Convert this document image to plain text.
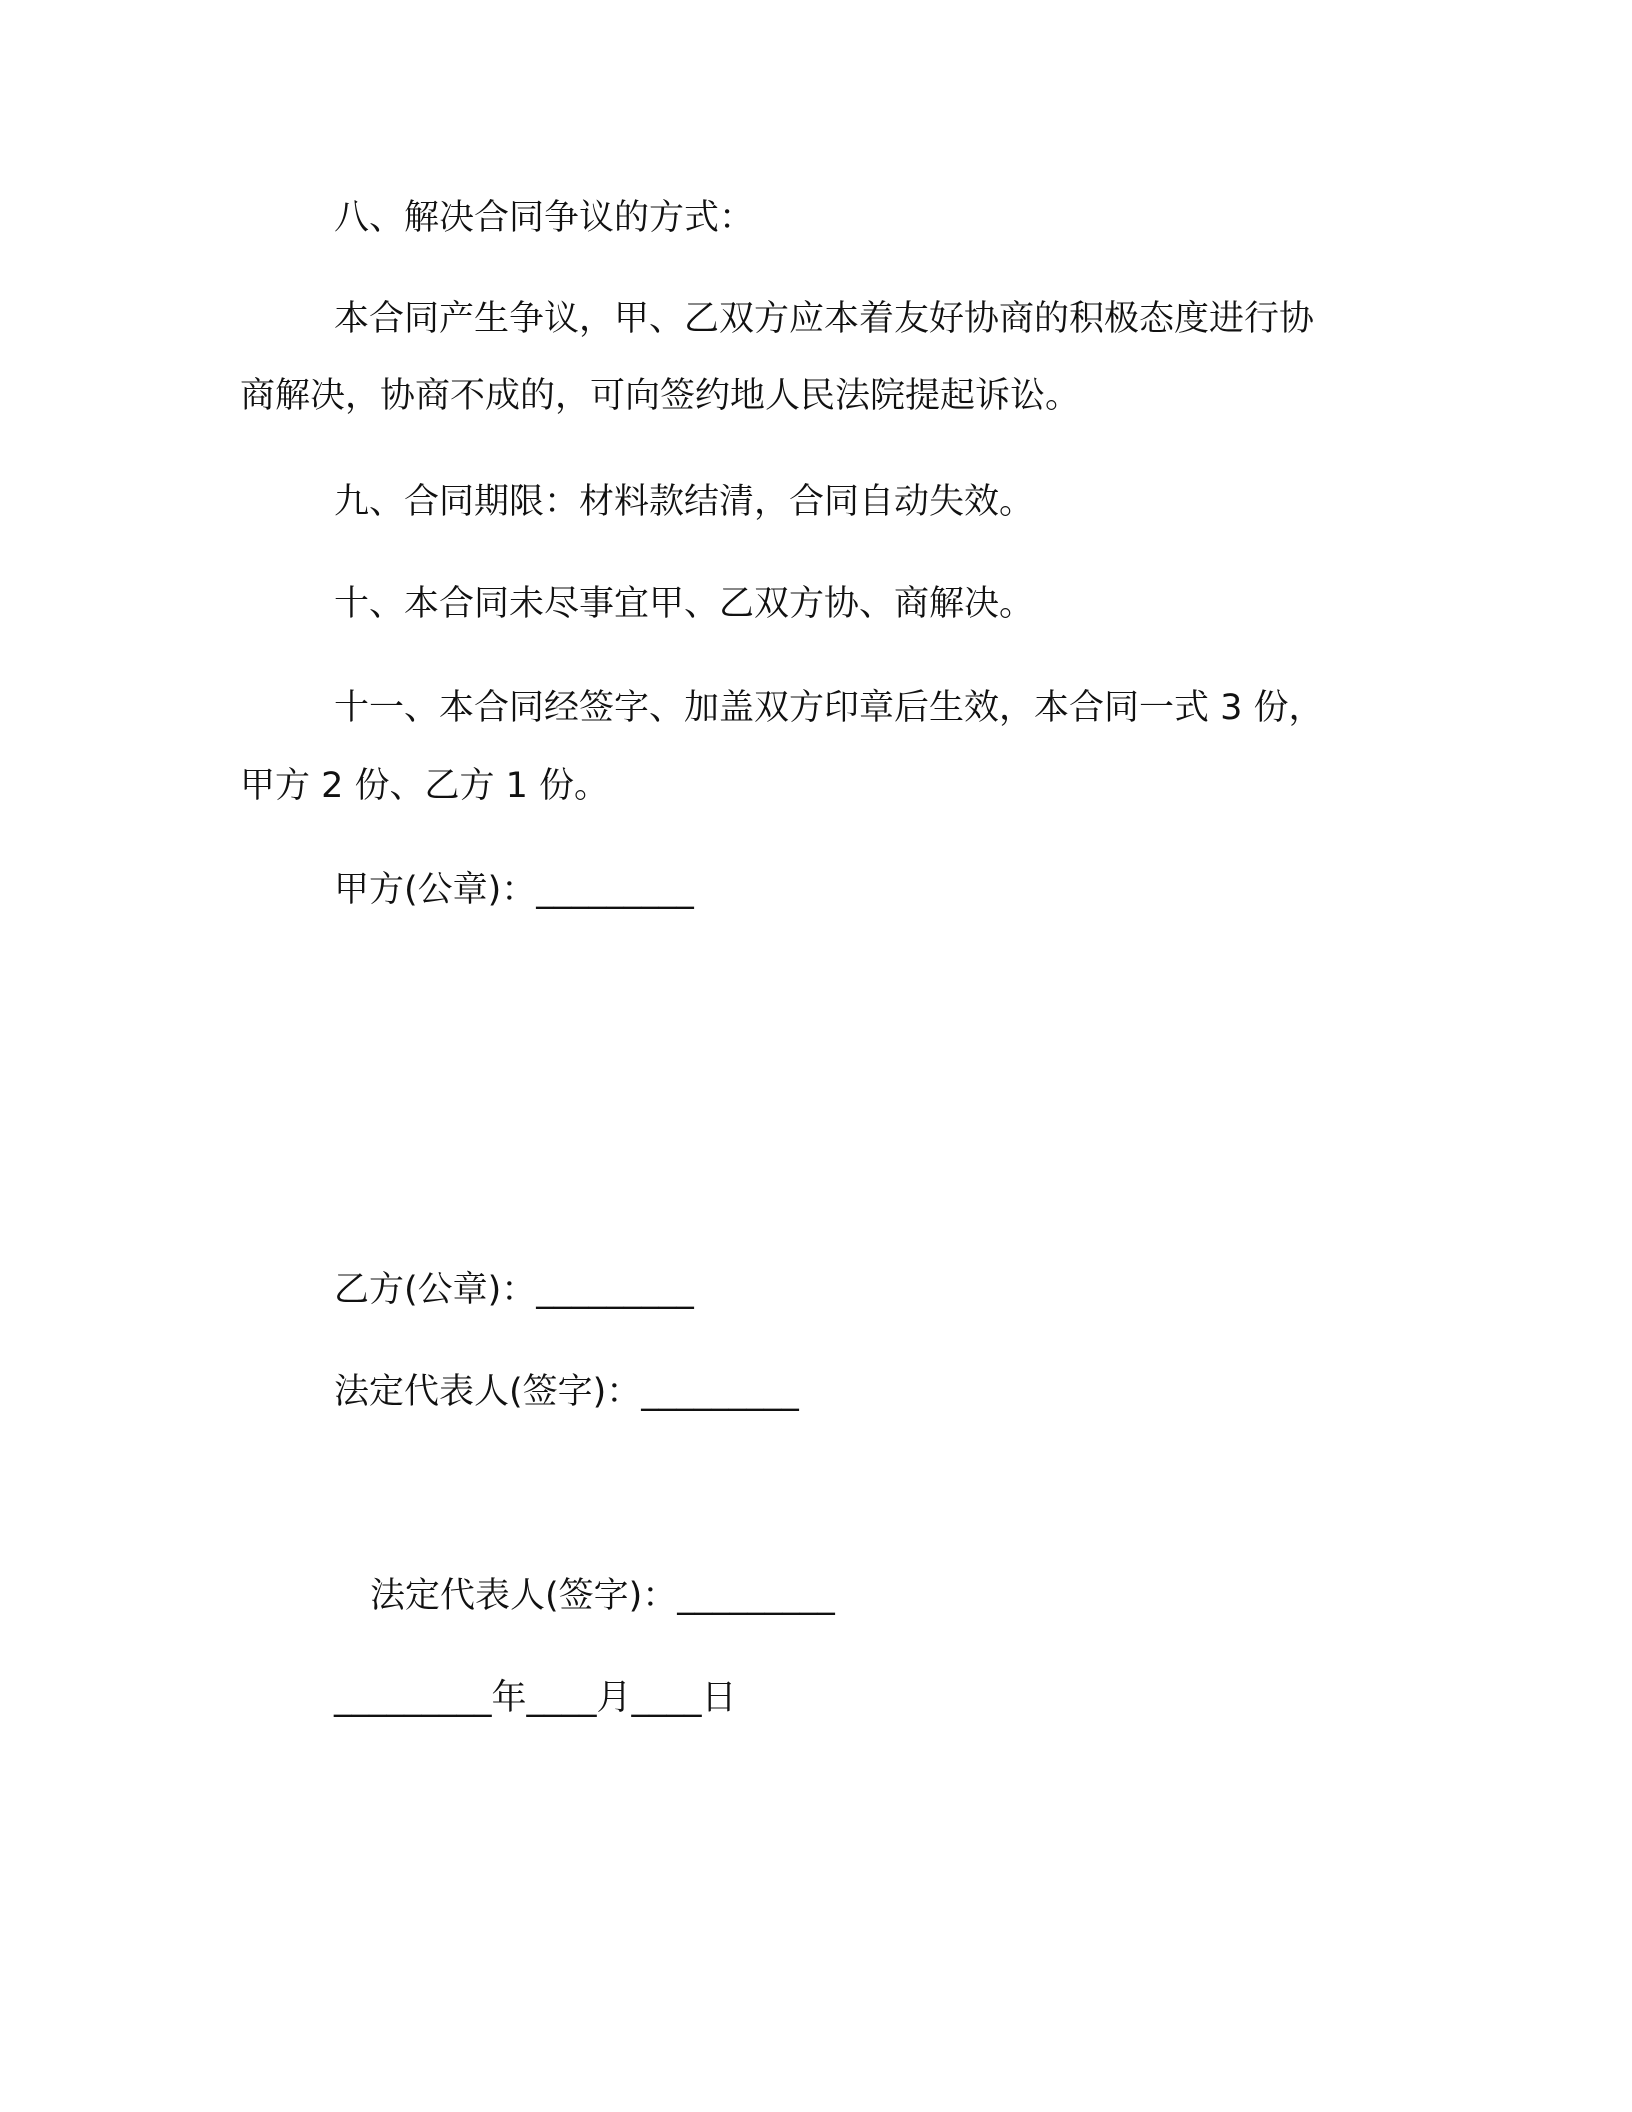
八、解决合同争议的方式：
本合同产生争议，甲、乙双方应本着友好协商的积极态度进行协
商解决，协商不成的，可向签约地人民法院提起诉讼。
九、合同期限：材料款结清，合同自动失效。
十、本合同未尽事宜甲、乙双方协、商解决。
十一、本合同经签字、加盖双方印章后生效，本合同一式 3 份，
甲方 2 份、乙方 1 份。
甲方(公章)：_________
乙方(公章)：_________
法定代表人(签字)：_________
法定代表人(签字)：_________
_________年____月____日
